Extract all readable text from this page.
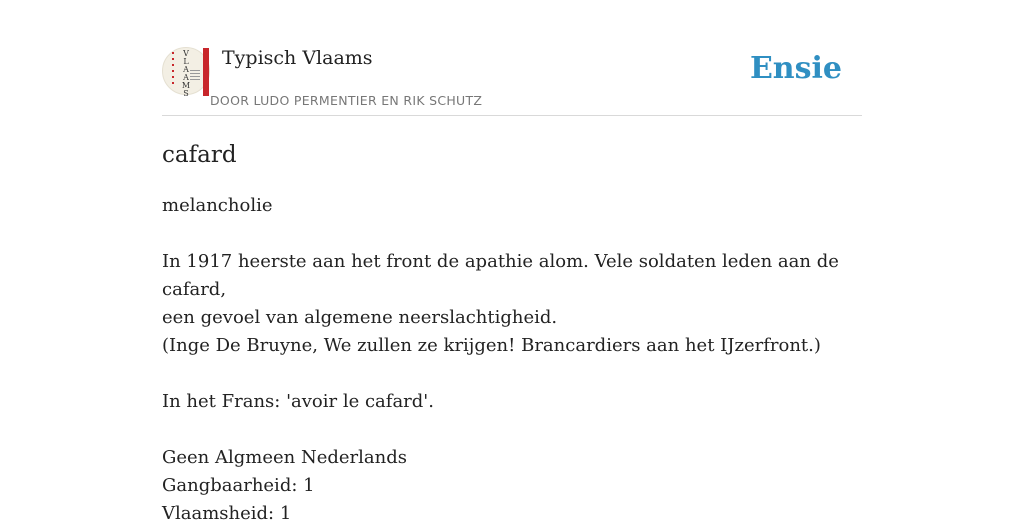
V
L
A
A
M
S
Typisch Vlaams
DOOR LUDO PERMENTIER EN RIK SCHUTZ
Ensie
cafard

melancholie

In 1917 heerste aan het front de apathie alom. Vele soldaten leden aan de cafard,

een gevoel van algemene neerslachtigheid.

(Inge De Bruyne, We zullen ze krijgen! Brancardiers aan het IJzerfront.)

In het Frans: 'avoir le cafard'.

Geen Algmeen Nederlands

Gangbaarheid: 1

Vlaamsheid: 1
